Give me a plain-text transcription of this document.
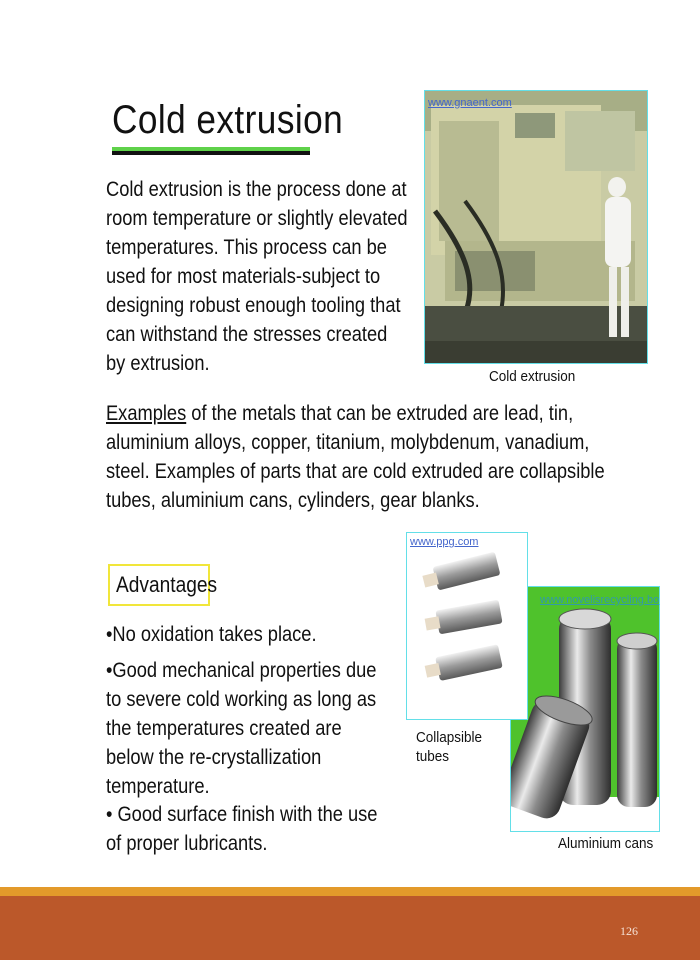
Cold extrusion
Cold extrusion is the process done at room temperature or slightly elevated temperatures. This process can be used for most materials-subject to designing robust enough tooling that can withstand the stresses created by extrusion.
www.gnaent.com
Cold extrusion
Examples of the metals that can be extruded are lead, tin, aluminium alloys, copper, titanium, molybdenum, vanadium, steel. Examples of parts that are cold extruded are collapsible tubes, aluminium cans, cylinders, gear blanks.
Advantages
•No oxidation takes place.
•Good mechanical properties due to severe cold working as long as the temperatures created are below the re-crystallization temperature.
• Good surface finish with the use of proper lubricants.
www.novelisrecycling.bo
www.ppg.com
Collapsible tubes
Aluminium cans
126
